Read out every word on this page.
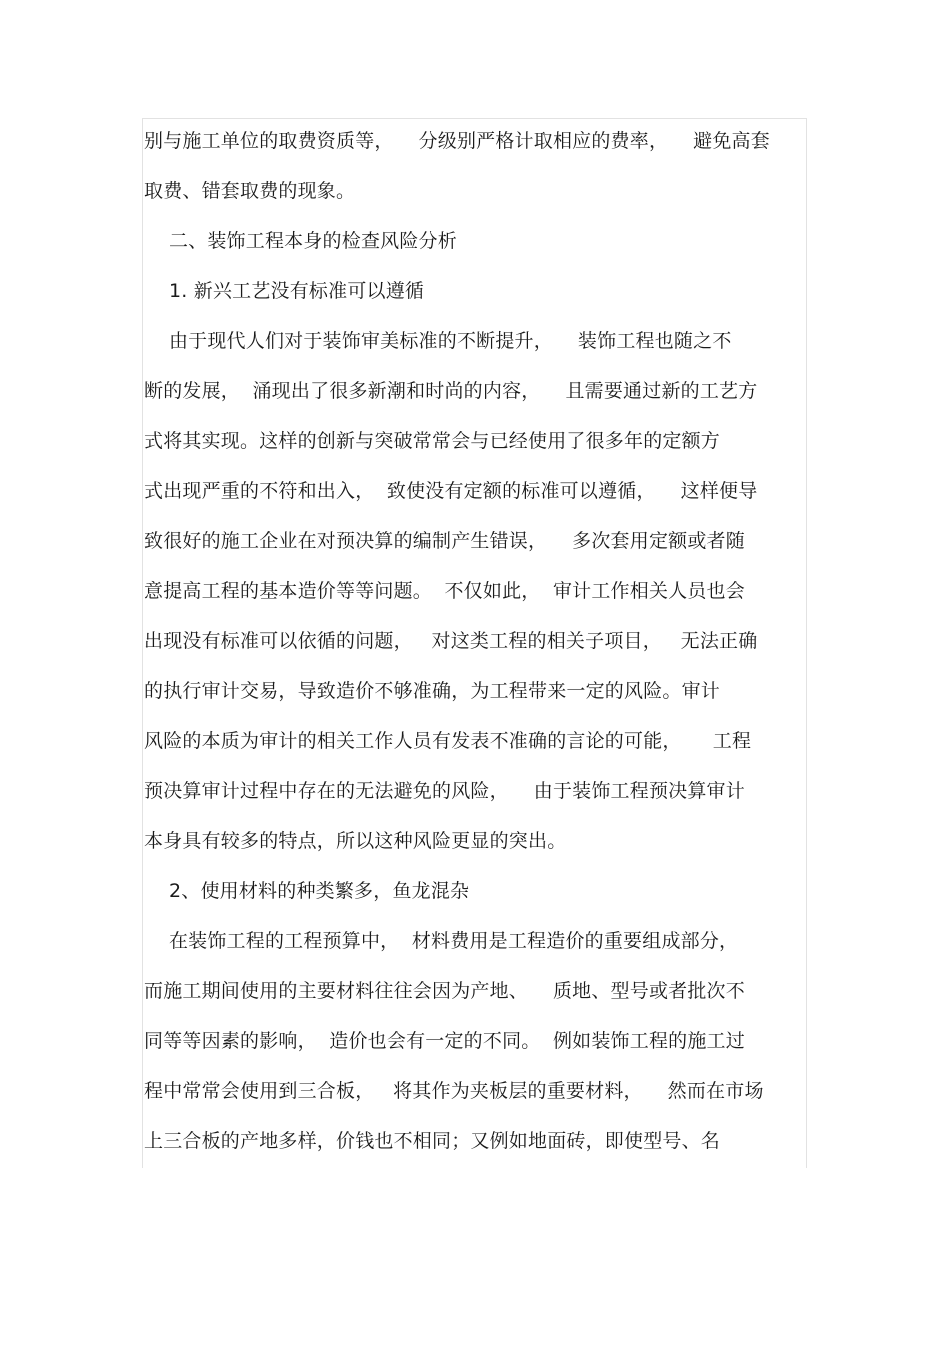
别与施工单位的取费资质等，    分级别严格计取相应的费率，    避免高套
取费、错套取费的现象。
二、装饰工程本身的检查风险分析
1. 新兴工艺没有标准可以遵循
由于现代人们对于装饰审美标准的不断提升，    装饰工程也随之不
断的发展，  涌现出了很多新潮和时尚的内容，    且需要通过新的工艺方
式将其实现。这样的创新与突破常常会与已经使用了很多年的定额方
式出现严重的不符和出入，  致使没有定额的标准可以遵循，    这样便导
致很好的施工企业在对预决算的编制产生错误，    多次套用定额或者随
意提高工程的基本造价等等问题。  不仅如此，  审计工作相关人员也会
出现没有标准可以依循的问题，   对这类工程的相关子项目，   无法正确
的执行审计交易，导致造价不够准确，为工程带来一定的风险。审计
风险的本质为审计的相关工作人员有发表不准确的言论的可能，     工程
预决算审计过程中存在的无法避免的风险，    由于装饰工程预决算审计
本身具有较多的特点，所以这种风险更显的突出。
2、使用材料的种类繁多，鱼龙混杂
在装饰工程的工程预算中，  材料费用是工程造价的重要组成部分，
而施工期间使用的主要材料往往会因为产地、    质地、型号或者批次不
同等等因素的影响，  造价也会有一定的不同。  例如装饰工程的施工过
程中常常会使用到三合板，   将其作为夹板层的重要材料，    然而在市场
上三合板的产地多样，价钱也不相同；又例如地面砖，即使型号、名
